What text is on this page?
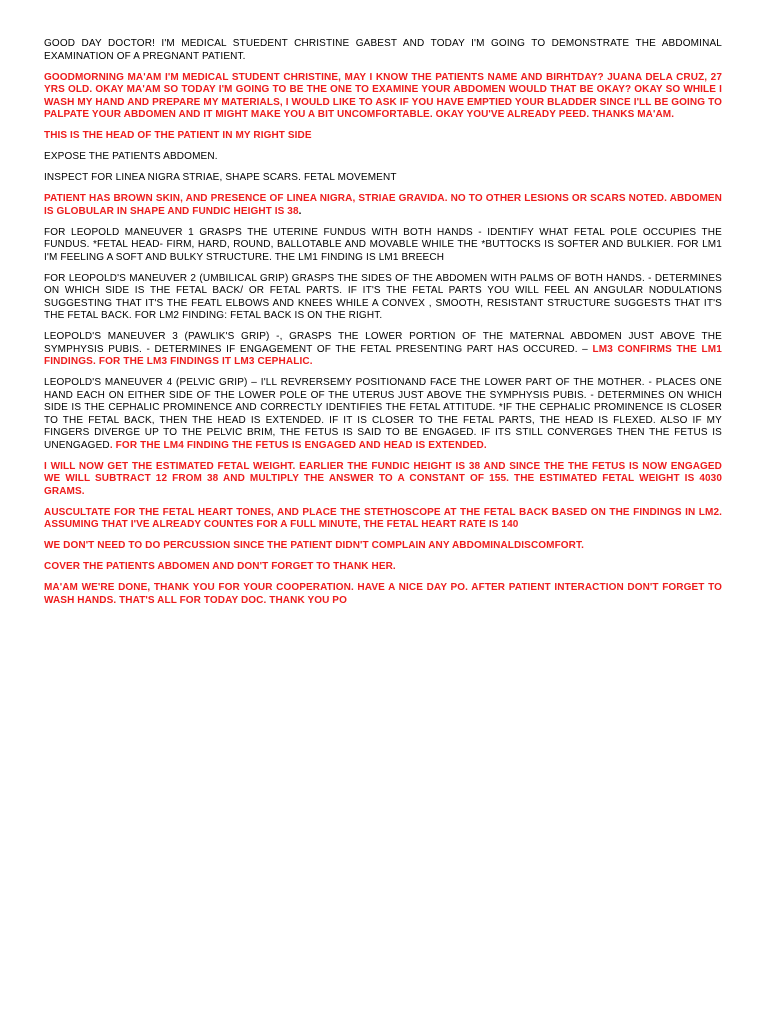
GOOD DAY DOCTOR! I'M MEDICAL STUEDENT CHRISTINE GABEST AND TODAY I'M GOING TO DEMONSTRATE THE ABDOMINAL EXAMINATION OF A PREGNANT PATIENT.
GOODMORNING MA'AM I'M MEDICAL STUDENT CHRISTINE, MAY I KNOW THE PATIENTS NAME AND BIRHTDAY? JUANA DELA CRUZ, 27 YRS OLD. OKAY MA'AM SO TODAY I'M GOING TO BE THE ONE TO EXAMINE YOUR ABDOMEN WOULD THAT BE OKAY? OKAY SO WHILE I WASH MY HAND AND PREPARE MY MATERIALS, I WOULD LIKE TO ASK IF YOU HAVE EMPTIED YOUR BLADDER SINCE I'LL BE GOING TO PALPATE YOUR ABDOMEN AND IT MIGHT MAKE YOU A BIT UNCOMFORTABLE. OKAY YOU'VE ALREADY PEED. THANKS MA'AM.
THIS IS THE HEAD OF THE PATIENT IN MY RIGHT SIDE
EXPOSE THE PATIENTS ABDOMEN.
INSPECT FOR LINEA NIGRA STRIAE, SHAPE SCARS. FETAL MOVEMENT
PATIENT HAS BROWN SKIN, AND PRESENCE OF LINEA NIGRA, STRIAE GRAVIDA. NO TO OTHER LESIONS OR SCARS NOTED. ABDOMEN IS GLOBULAR IN SHAPE AND FUNDIC HEIGHT IS 38.
FOR LEOPOLD MANEUVER 1 GRASPS THE UTERINE FUNDUS WITH BOTH HANDS - IDENTIFY WHAT FETAL POLE OCCUPIES THE FUNDUS. *FETAL HEAD- FIRM, HARD, ROUND, BALLOTABLE AND MOVABLE WHILE THE *BUTTOCKS IS SOFTER AND BULKIER. FOR LM1 I'M FEELING A SOFT AND BULKY STRUCTURE. THE LM1 FINDING IS LM1 BREECH
FOR LEOPOLD'S MANEUVER 2 (UMBILICAL GRIP) GRASPS THE SIDES OF THE ABDOMEN WITH PALMS OF BOTH HANDS. - DETERMINES ON WHICH SIDE IS THE FETAL BACK/ OR FETAL PARTS. IF IT'S THE FETAL PARTS YOU WILL FEEL AN ANGULAR NODULATIONS SUGGESTING THAT IT'S THE FEATL ELBOWS AND KNEES WHILE A CONVEX , SMOOTH, RESISTANT STRUCTURE SUGGESTS THAT IT'S THE FETAL BACK. FOR LM2 FINDING: FETAL BACK IS ON THE RIGHT.
LEOPOLD'S MANEUVER 3 (PAWLIK'S GRIP) -, GRASPS THE LOWER PORTION OF THE MATERNAL ABDOMEN JUST ABOVE THE SYMPHYSIS PUBIS. - DETERMINES IF ENGAGEMENT OF THE FETAL PRESENTING PART HAS OCCURED. – LM3 CONFIRMS THE LM1 FINDINGS. FOR THE LM3 FINDINGS IT LM3 CEPHALIC.
LEOPOLD'S MANEUVER 4 (PELVIC GRIP) – I'LL REVRERSEMY POSITIONAND FACE THE LOWER PART OF THE MOTHER. - PLACES ONE HAND EACH ON EITHER SIDE OF THE LOWER POLE OF THE UTERUS JUST ABOVE THE SYMPHYSIS PUBIS. - DETERMINES ON WHICH SIDE IS THE CEPHALIC PROMINENCE AND CORRECTLY IDENTIFIES THE FETAL ATTITUDE. *IF THE CEPHALIC PROMINENCE IS CLOSER TO THE FETAL BACK, THEN THE HEAD IS EXTENDED. IF IT IS CLOSER TO THE FETAL PARTS, THE HEAD IS FLEXED. ALSO IF MY FINGERS DIVERGE UP TO THE PELVIC BRIM, THE FETUS IS SAID TO BE ENGAGED. IF ITS STILL CONVERGES THEN THE FETUS IS UNENGAGED. FOR THE LM4 FINDING THE FETUS IS ENGAGED AND HEAD IS EXTENDED.
I WILL NOW GET THE ESTIMATED FETAL WEIGHT. EARLIER THE FUNDIC HEIGHT IS 38 AND SINCE THE THE FETUS IS NOW ENGAGED WE WILL SUBTRACT 12 FROM 38 AND MULTIPLY THE ANSWER TO A CONSTANT OF 155. THE ESTIMATED FETAL WEIGHT IS 4030 GRAMS.
AUSCULTATE FOR THE FETAL HEART TONES, AND PLACE THE STETHOSCOPE AT THE FETAL BACK BASED ON THE FINDINGS IN LM2. ASSUMING THAT I'VE ALREADY COUNTES FOR A FULL MINUTE, THE FETAL HEART RATE IS 140
WE DON'T NEED TO DO PERCUSSION SINCE THE PATIENT DIDN'T COMPLAIN ANY ABDOMINALDISCOMFORT.
COVER THE PATIENTS ABDOMEN AND DON'T FORGET TO THANK HER.
MA'AM WE'RE DONE, THANK YOU FOR YOUR COOPERATION. HAVE A NICE DAY PO. AFTER PATIENT INTERACTION DON'T FORGET TO WASH HANDS. THAT'S ALL FOR TODAY DOC. THANK YOU PO
